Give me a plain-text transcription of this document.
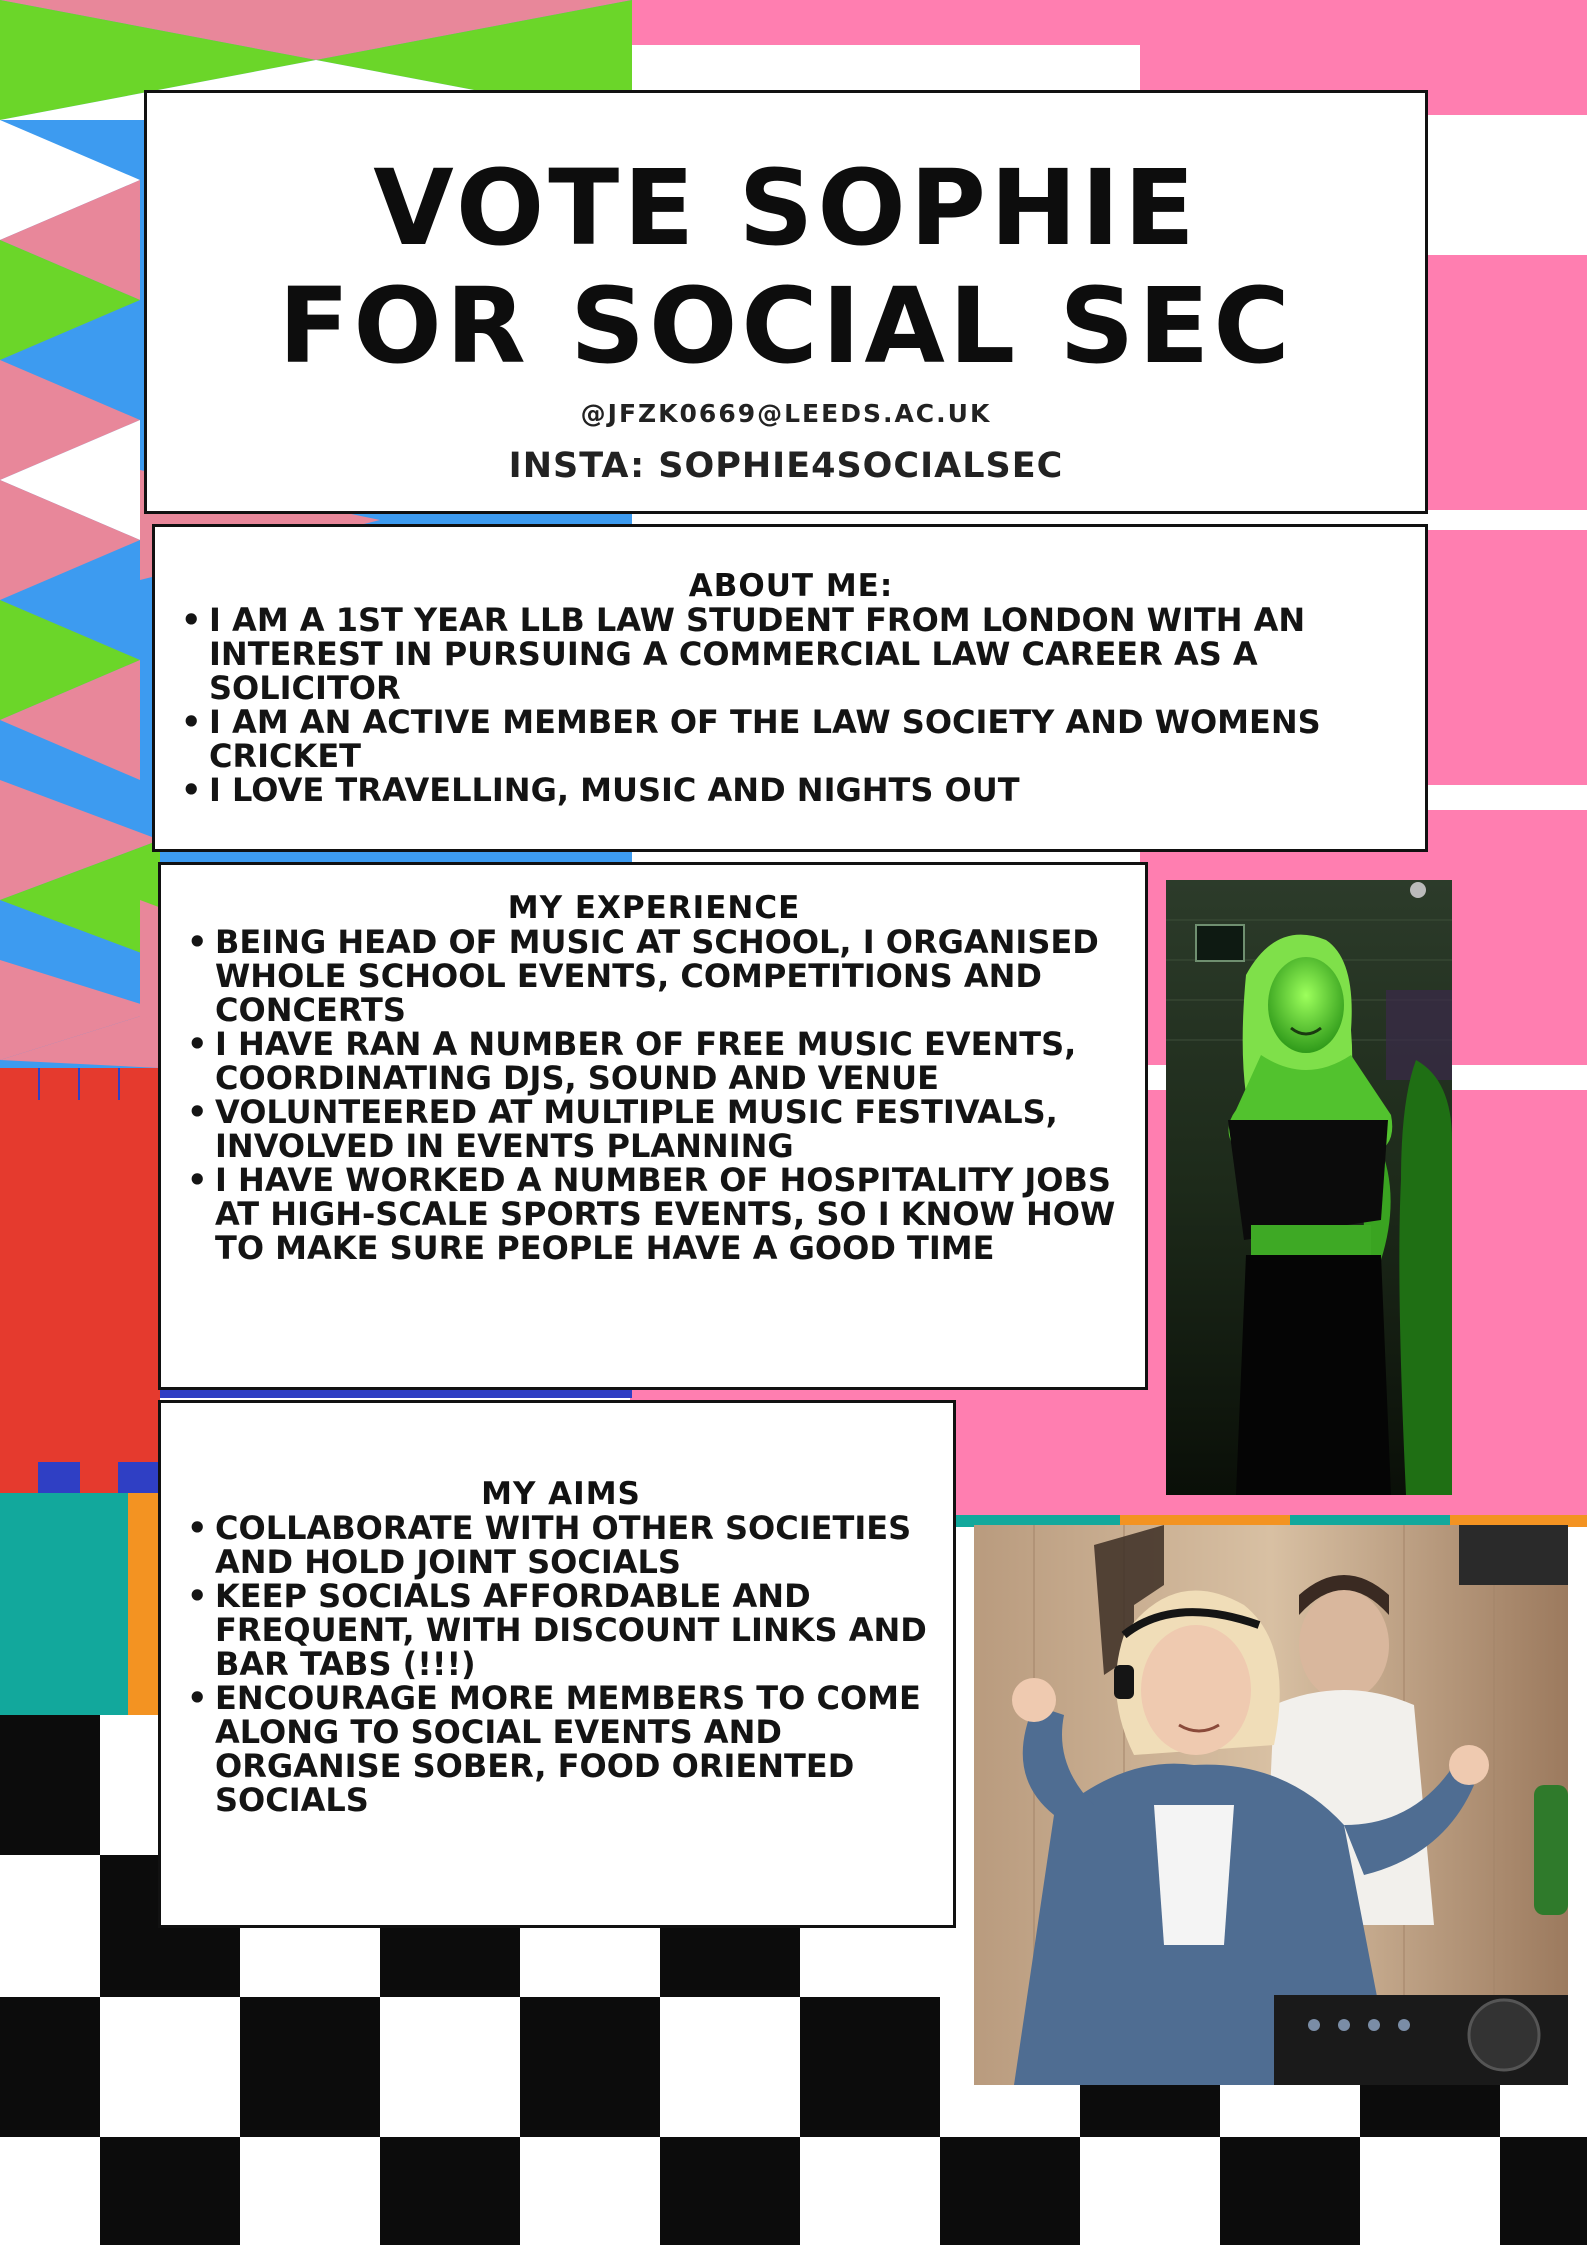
VOTE SOPHIE
FOR SOCIAL SEC
@JFZK0669@LEEDS.AC.UK
INSTA: SOPHIE4SOCIALSEC
ABOUT ME:
• I AM A 1ST YEAR LLB LAW STUDENT FROM LONDON WITH AN INTEREST IN PURSUING A COMMERCIAL LAW CAREER AS A SOLICITOR
• I AM AN ACTIVE MEMBER OF THE LAW SOCIETY AND WOMENS CRICKET
• I LOVE TRAVELLING, MUSIC AND NIGHTS OUT
MY EXPERIENCE
• BEING HEAD OF MUSIC AT SCHOOL, I ORGANISED WHOLE SCHOOL EVENTS, COMPETITIONS AND CONCERTS
• I HAVE RAN A NUMBER OF FREE MUSIC EVENTS, COORDINATING DJS, SOUND AND VENUE
• VOLUNTEERED AT MULTIPLE MUSIC FESTIVALS, INVOLVED IN EVENTS PLANNING
• I HAVE WORKED A NUMBER OF HOSPITALITY JOBS AT HIGH-SCALE SPORTS EVENTS, SO I KNOW HOW TO MAKE SURE PEOPLE HAVE A GOOD TIME
MY AIMS
• COLLABORATE WITH OTHER SOCIETIES AND HOLD JOINT SOCIALS
• KEEP SOCIALS AFFORDABLE AND FREQUENT, WITH DISCOUNT LINKS AND BAR TABS (!!!)
• ENCOURAGE MORE MEMBERS TO COME ALONG TO SOCIAL EVENTS AND ORGANISE SOBER, FOOD ORIENTED SOCIALS
